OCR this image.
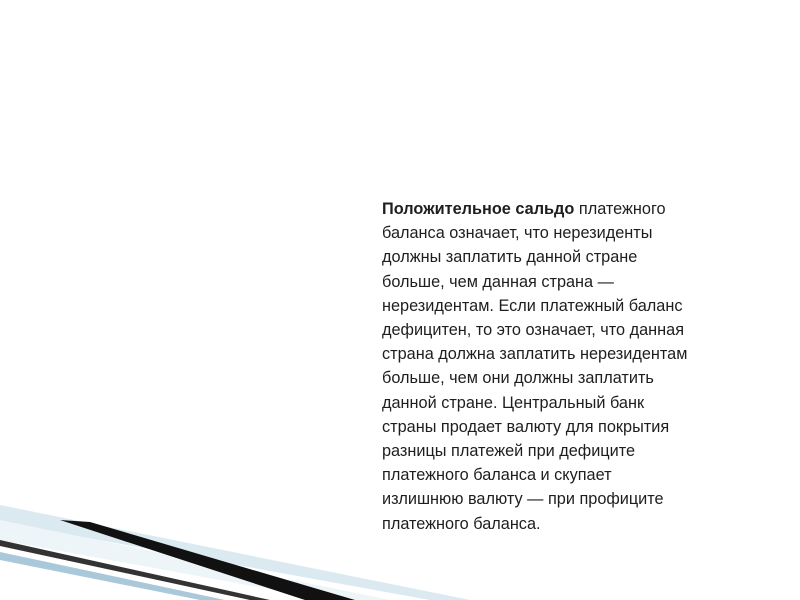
Положительное сальдо платежного
баланса означает, что нерезиденты
должны заплатить данной стране
больше, чем данная страна —
нерезидентам. Если платежный баланс
дефицитен, то это означает, что данная
страна должна заплатить нерезидентам
больше, чем они должны заплатить
данной стране. Центральный банк
страны продает валюту для покрытия
разницы платежей при дефиците
платежного баланса и скупает
излишнюю валюту — при профиците
платежного баланса.
